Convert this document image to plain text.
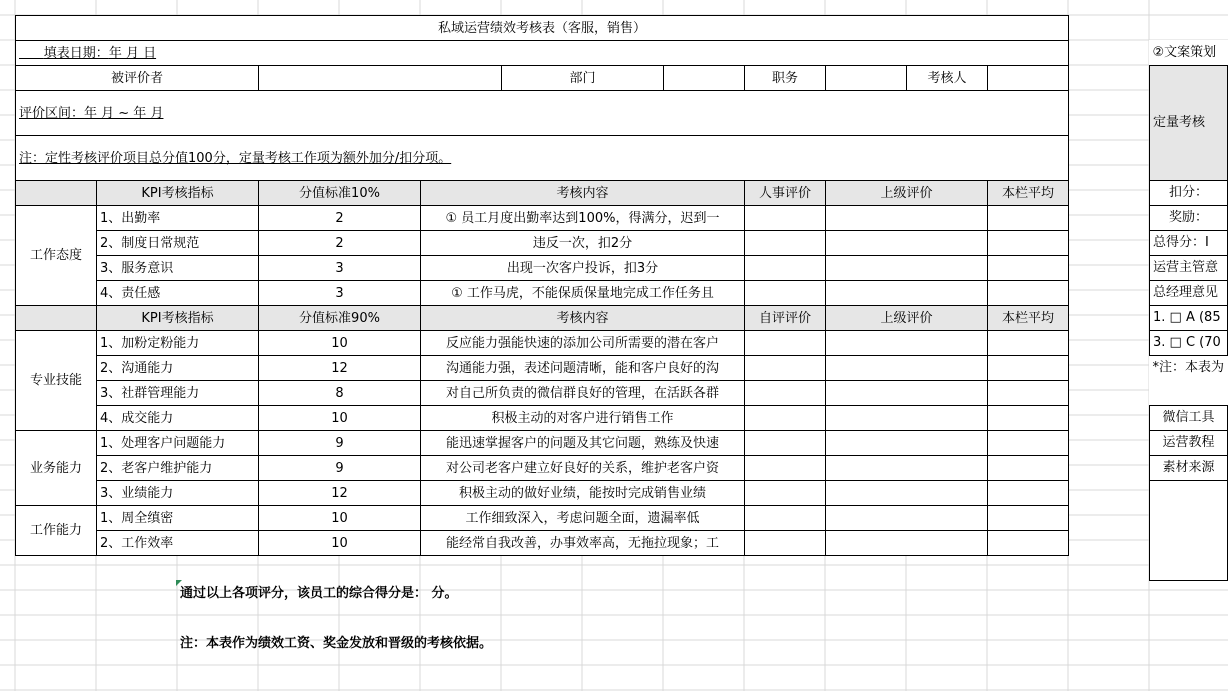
私域运营绩效考核表（客服，销售）									
填表日期：年 月 日									
被评价者				部门		职务		考核人	
评价区间：年 月 ~ 年 月									
注：定性考核评价项目总分值100分，定量考核工作项为额外加分/扣分项。									
	KPI考核指标	分值标准10%	考核内容			人事评价	上级评价		本栏平均
工作态度	1、出勤率	2	① 员工月度出勤率达到100%，得满分，迟到一						
	2、制度日常规范	2	违反一次，扣2分						
	3、服务意识	3	出现一次客户投诉，扣3分						
	4、责任感	3	① 工作马虎，不能保质保量地完成工作任务且						
	KPI考核指标	分值标准90%	考核内容			自评评价	上级评价		本栏平均
专业技能	1、加粉定粉能力	10	反应能力强能快速的添加公司所需要的潜在客户						
	2、沟通能力	12	沟通能力强，表述问题清晰，能和客户良好的沟						
	3、社群管理能力	8	对自己所负责的微信群良好的管理，在活跃各群						
	4、成交能力	10	积极主动的对客户进行销售工作						
业务能力	1、处理客户问题能力	9	能迅速掌握客户的问题及其它问题，熟练及快速						
	2、老客户维护能力	9	对公司老客户建立好良好的关系，维护老客户资						
	3、业绩能力	12	积极主动的做好业绩，能按时完成销售业绩						
工作能力	1、周全缜密	10	工作细致深入，考虑问题全面，遗漏率低						
	2、工作效率	10	能经常自我改善，办事效率高，无拖拉现象；工						
通过以上各项评分，该员工的综合得分是： 分。
注：本表作为绩效工资、奖金发放和晋级的考核依据。
②文案策划
定量考核
扣分：
奖励：
总得分：I
运营主管意
总经理意见
1. □ A (85
3. □ C (70
*注：本表为

微信工具
运营教程
素材来源
